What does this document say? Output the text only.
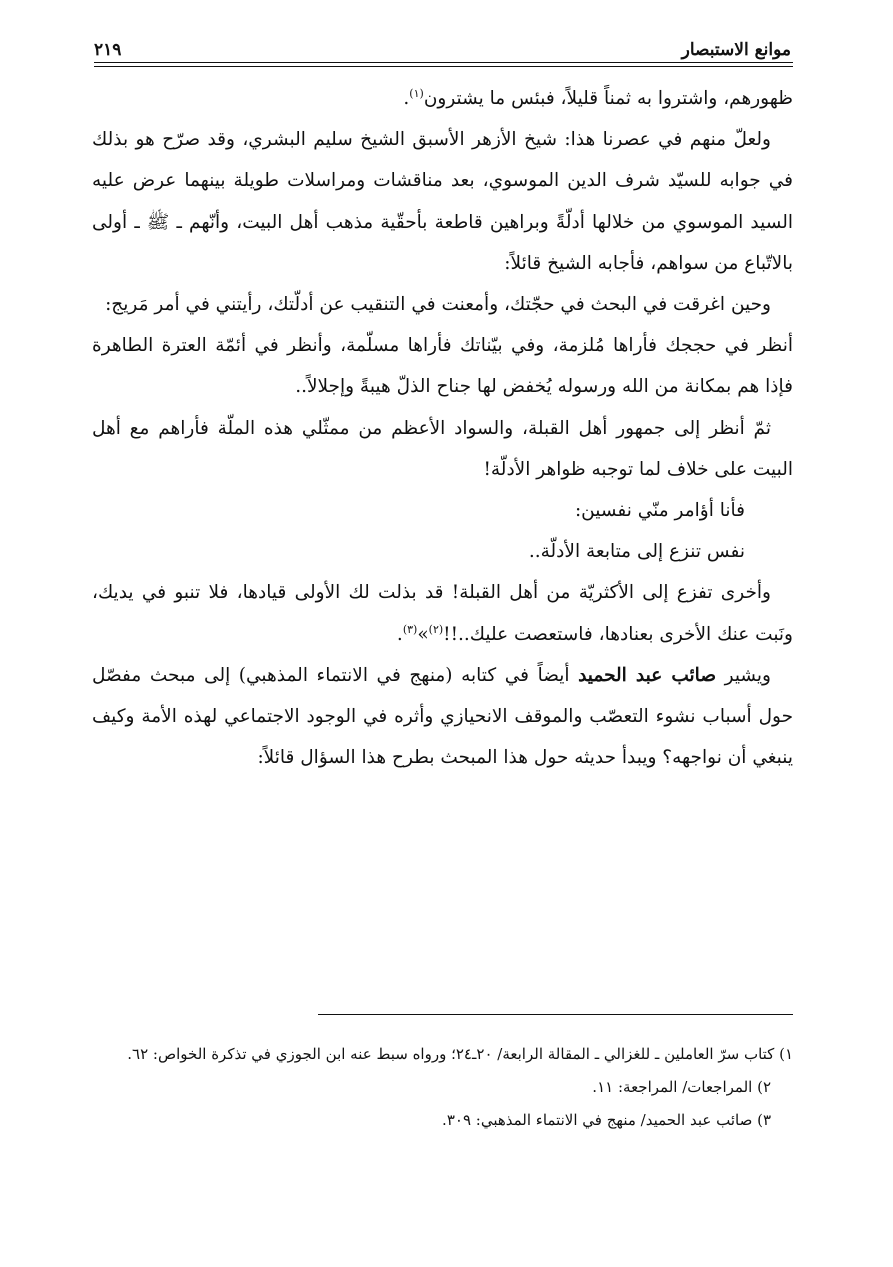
موانع الاستبصار
٢١٩

ظهورهم، واشتروا به ثمناً قليلاً، فبئس ما يشترون$^{(١)}$.

ولعلّ منهم في عصرنا هذا: شيخ الأزهر الأسبق الشيخ سليم البشري، وقد صرّح هو بذلك في جوابه للسيّد شرف الدين الموسوي، بعد مناقشات ومراسلات طويلة بينهما عرض عليه السيد الموسوي من خلالها أدلّةً وبراهين قاطعة بأحقّية مذهب أهل البيت، وأنّهم ـ ﷺ ـ أولى بالاتّباع من سواهم، فأجابه الشيخ قائلاً:

وحين اغرقت في البحث في حجّتك، وأمعنت في التنقيب عن أدلّتك، رأيتني في أمر مَريج:

أنظر في حججك فأراها مُلزمة، وفي بيّناتك فأراها مسلّمة، وأنظر في أئمّة العترة الطاهرة فإذا هم بمكانة من الله ورسوله يُخفض لها جناح الذلّ هيبةً وإجلالاً..

ثمّ أنظر إلى جمهور أهل القبلة، والسواد الأعظم من ممثّلي هذه الملّة فأراهم مع أهل البيت على خلاف لما توجبه ظواهر الأدلّة!

فأنا أؤامر منّي نفسين:

نفس تنزع إلى متابعة الأدلّة..

وأخرى تفزع إلى الأكثريّة من أهل القبلة! قد بذلت لك الأولى قيادها، فلا تنبو في يديك، ونَبت عنك الأخرى بعنادها، فاستعصت عليك..!!$^{(٢)}$»$^{(٣)}$.

ويشير صائب عبد الحميد أيضاً في كتابه (منهج في الانتماء المذهبي) إلى مبحث مفصّل حول أسباب نشوء التعصّب والموقف الانحيازي وأثره في الوجود الاجتماعي لهذه الأمة وكيف ينبغي أن نواجهه؟ ويبدأ حديثه حول هذا المبحث بطرح هذا السؤال قائلاً:

١) كتاب سرّ العاملين ـ للغزالي ـ المقالة الرابعة/ ٢٠ـ٢٤؛ ورواه سبط عنه ابن الجوزي في تذكرة الخواص: ٦٢.

٢) المراجعات/ المراجعة: ١١.

٣) صائب عبد الحميد/ منهج في الانتماء المذهبي: ٣٠٩.
